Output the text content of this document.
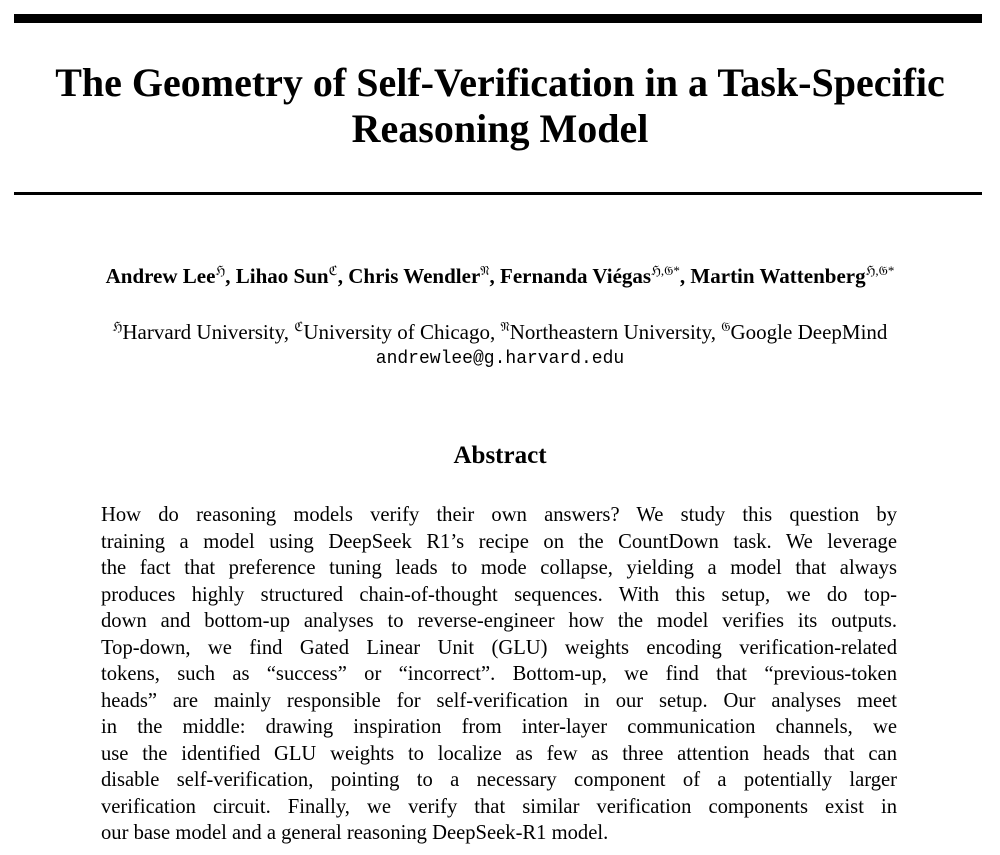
The Geometry of Self-Verification in a Task-Specific
Reasoning Model
Andrew Lee$^ℌ$, Lihao Sun$^ℭ$, Chris Wendler$^𝔑$, Fernanda Viégas$^{ℌ,𝔊*}$, Martin Wattenberg$^{ℌ,𝔊*}$
$^ℌ$Harvard University, $^ℭ$University of Chicago, $^𝔑$Northeastern University, $^𝔊$Google DeepMind
andrewlee@g.harvard.edu
Abstract
How do reasoning models verify their own answers? We study this question by
training a model using DeepSeek R1’s recipe on the CountDown task. We leverage
the fact that preference tuning leads to mode collapse, yielding a model that always
produces highly structured chain-of-thought sequences. With this setup, we do top-
down and bottom-up analyses to reverse-engineer how the model verifies its outputs.
Top-down, we find Gated Linear Unit (GLU) weights encoding verification-related
tokens, such as “success” or “incorrect”. Bottom-up, we find that “previous-token
heads” are mainly responsible for self-verification in our setup. Our analyses meet
in the middle: drawing inspiration from inter-layer communication channels, we
use the identified GLU weights to localize as few as three attention heads that can
disable self-verification, pointing to a necessary component of a potentially larger
verification circuit. Finally, we verify that similar verification components exist in
our base model and a general reasoning DeepSeek-R1 model.
